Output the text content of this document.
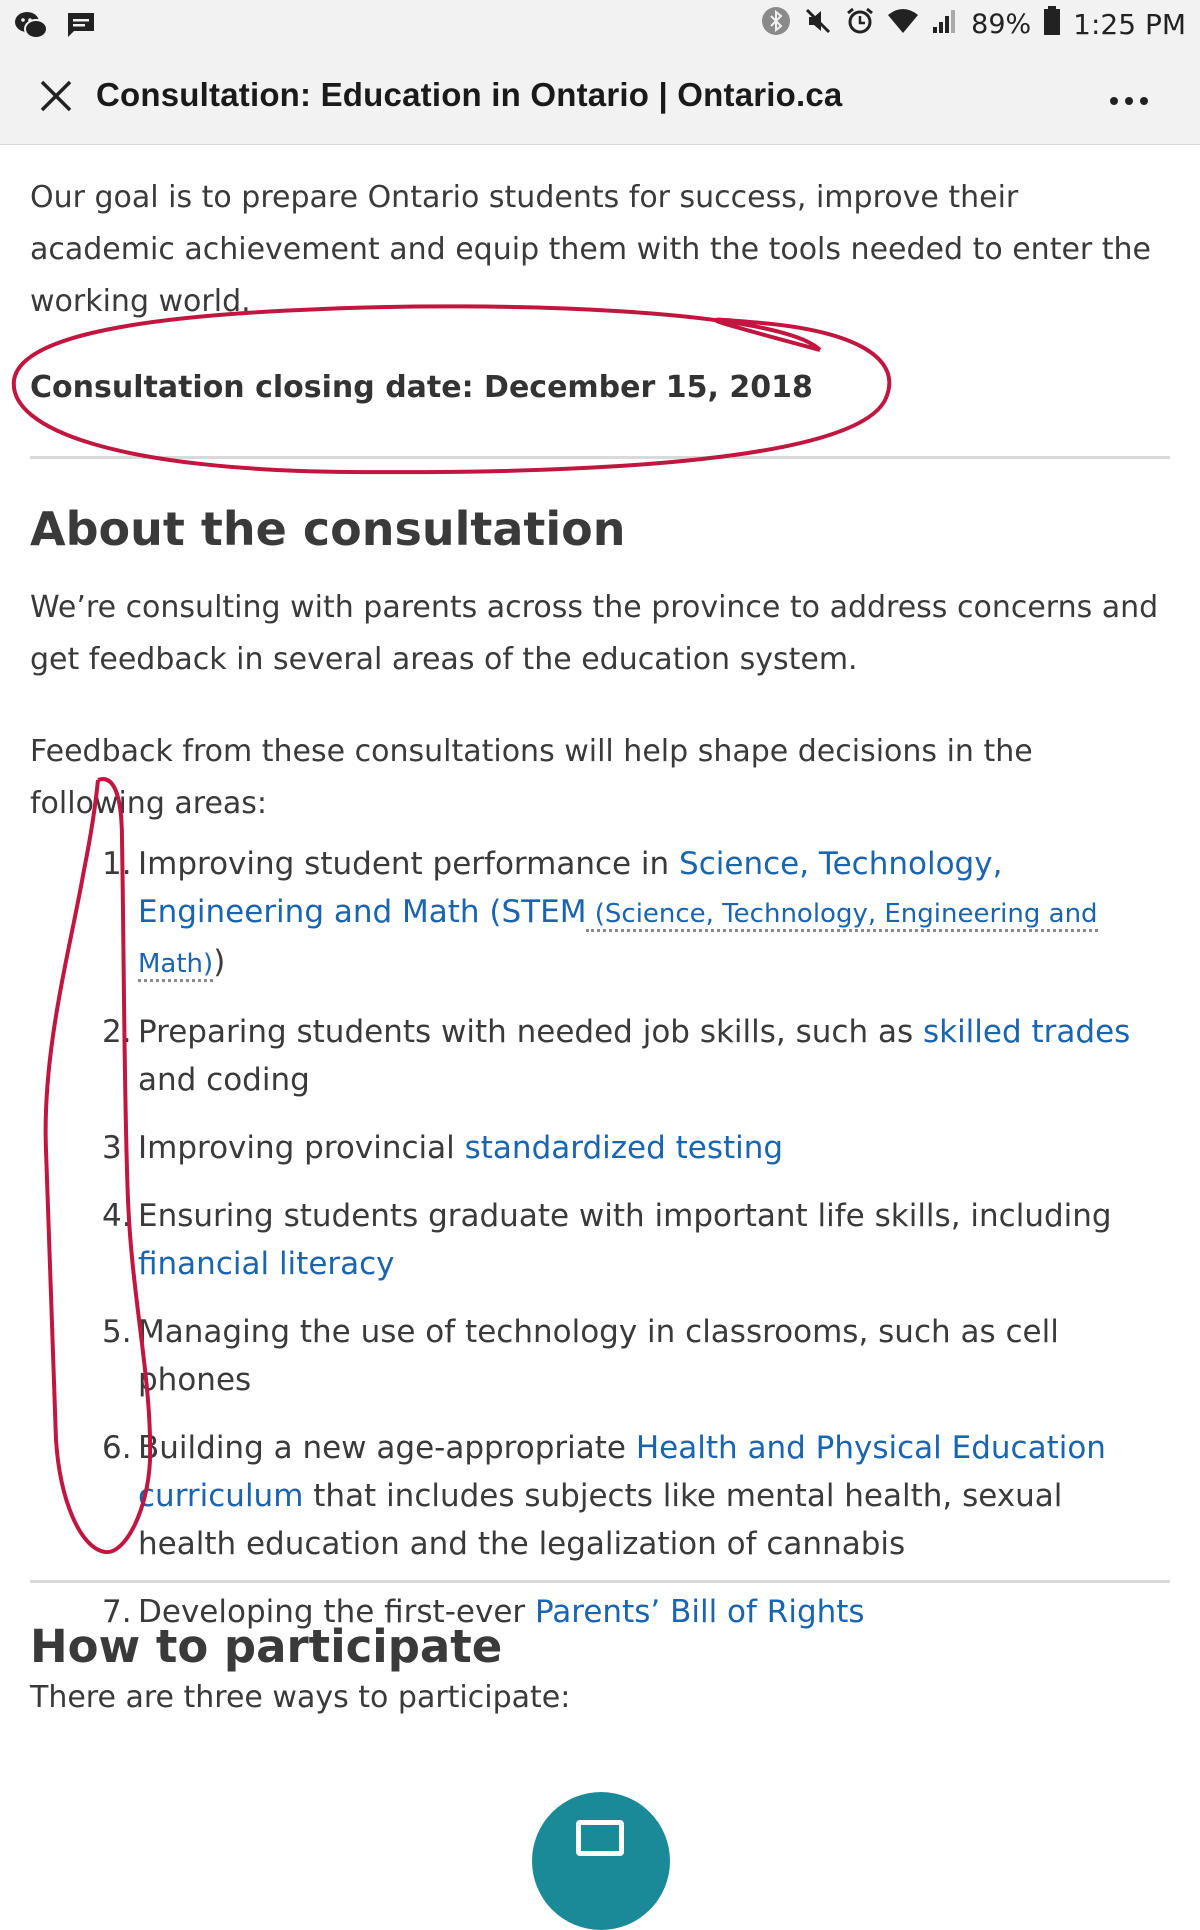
89% 1:25 PM
Consultation: Education in Ontario | Ontario.ca

Our goal is to prepare Ontario students for success, improve their academic achievement and equip them with the tools needed to enter the working world.

Consultation closing date: December 15, 2018
About the consultation

We’re consulting with parents across the province to address concerns and get feedback in several areas of the education system.

Feedback from these consultations will help shape decisions in the following areas:

1. Improving student performance in Science, Technology, Engineering and Math (STEM (Science, Technology, Engineering and Math))
2. Preparing students with needed job skills, such as skilled trades and coding
3. Improving provincial standardized testing
4. Ensuring students graduate with important life skills, including financial literacy
5. Managing the use of technology in classrooms, such as cell phones
6. Building a new age-appropriate Health and Physical Education curriculum that includes subjects like mental health, sexual health education and the legalization of cannabis
7. Developing the first-ever Parents’ Bill of Rights
How to participate

There are three ways to participate:
